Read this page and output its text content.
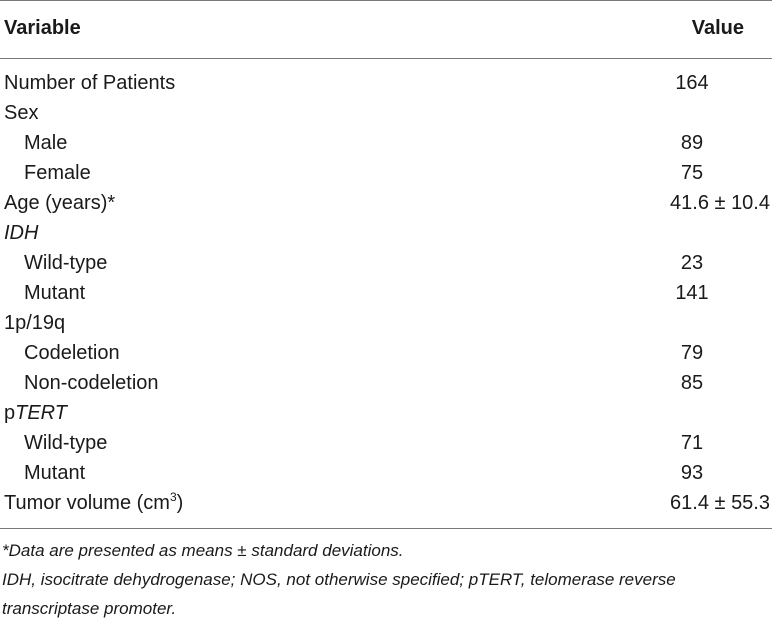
Variable	Value
Number of Patients	164
Sex
Male	89
Female	75
Age (years)*	41.6 ± 10.4
IDH
Wild-type	23
Mutant	141
1p/19q
Codeletion	79
Non-codeletion	85
pTERT
Wild-type	71
Mutant	93
Tumor volume $(cm^3)$	61.4 ± 55.3

*Data are presented as means ± standard deviations.

IDH, isocitrate dehydrogenase; NOS, not otherwise specified; pTERT, telomerase reverse transcriptase promoter.
